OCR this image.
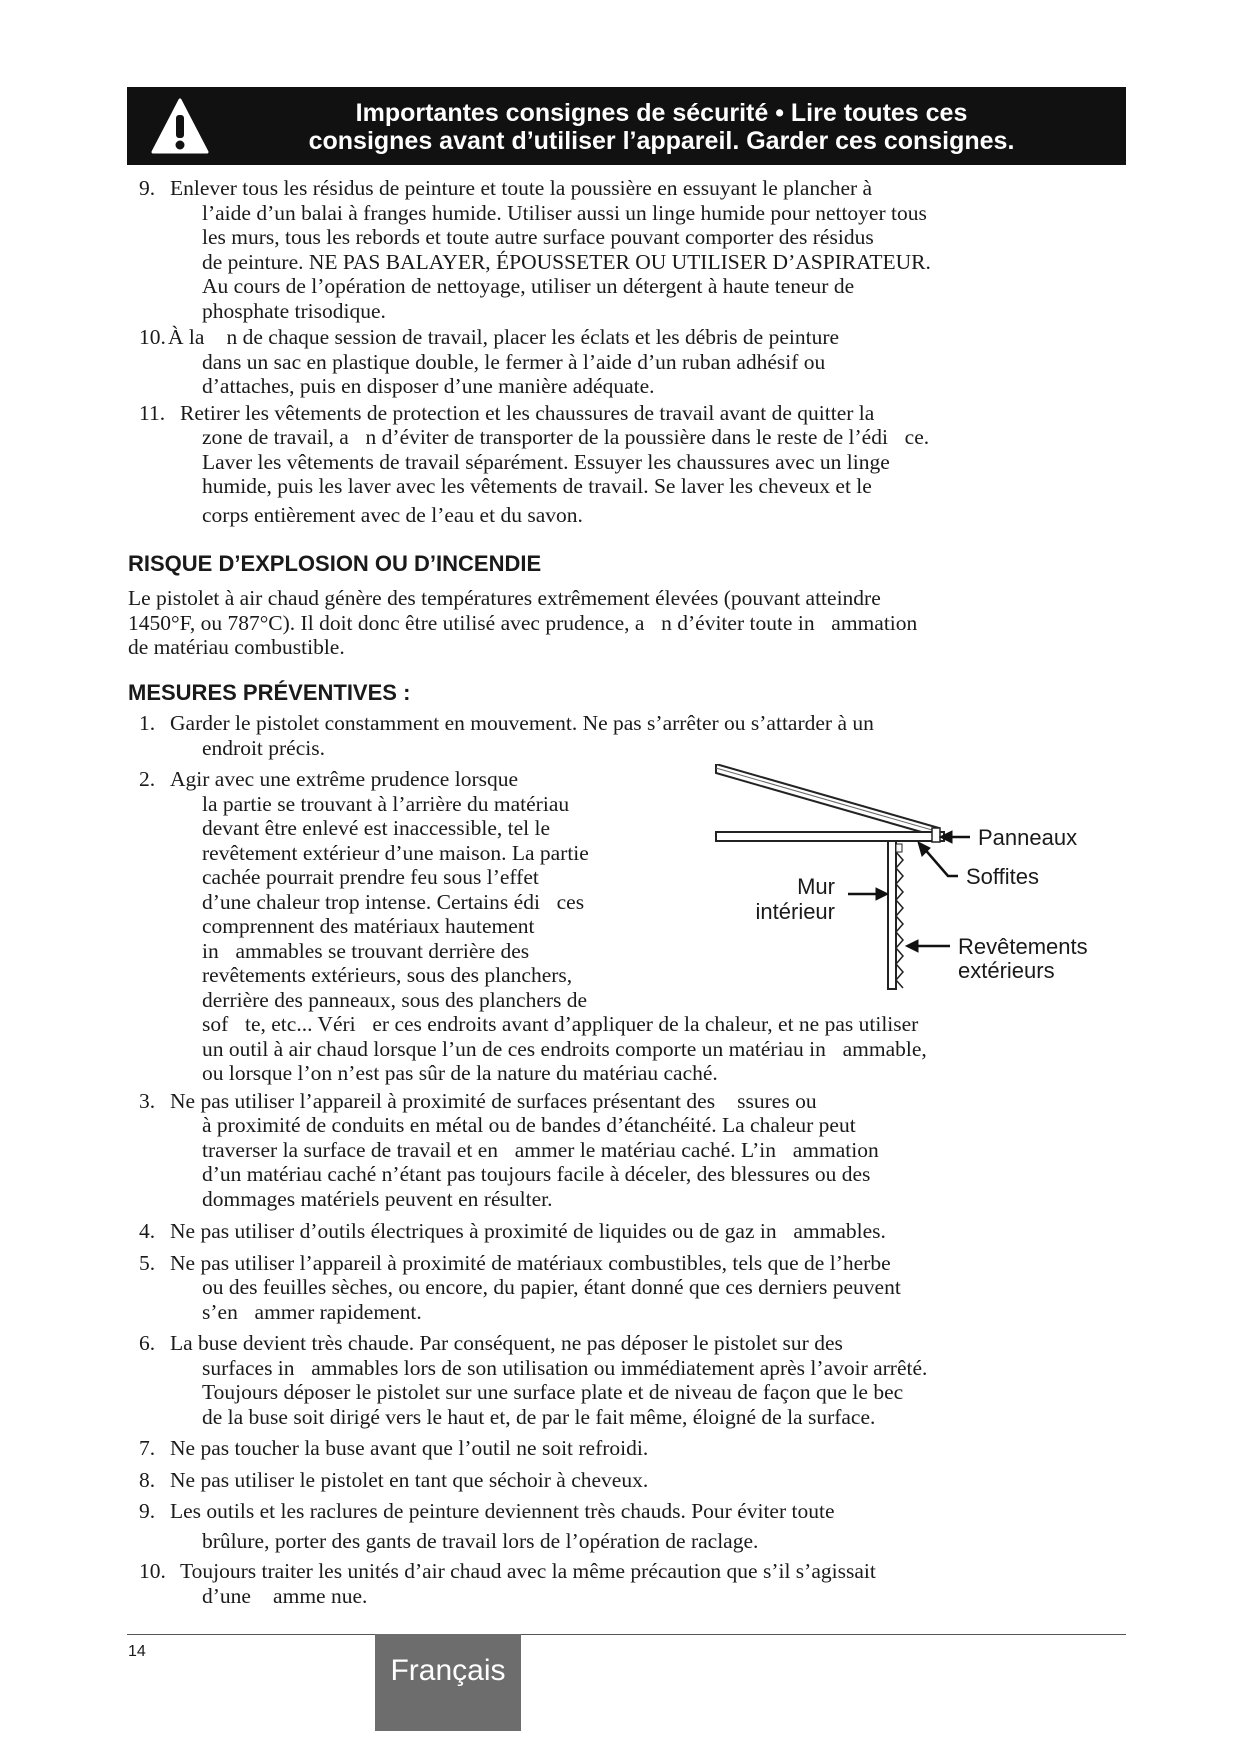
Importantes consignes de sécurité • Lire toutes ces
consignes avant d’utiliser l’appareil. Garder ces consignes.
9. Enlever tous les résidus de peinture et toute la poussière en essuyant le plancher à
l’aide d’un balai à franges humide. Utiliser aussi un linge humide pour nettoyer tous
les murs, tous les rebords et toute autre surface pouvant comporter des résidus
de peinture. NE PAS BALAYER, ÉPOUSSETER OU UTILISER D’ASPIRATEUR.
Au cours de l’opération de nettoyage, utiliser un détergent à haute teneur de
phosphate trisodique.
10. À la  n de chaque session de travail, placer les éclats et les débris de peinture
dans un sac en plastique double, le fermer à l’aide d’un ruban adhésif ou
d’attaches, puis en disposer d’une manière adéquate.
11. Retirer les vêtements de protection et les chaussures de travail avant de quitter la
zone de travail, a n d’éviter de transporter de la poussière dans le reste de l’édi ce.
Laver les vêtements de travail séparément. Essuyer les chaussures avec un linge
humide, puis les laver avec les vêtements de travail. Se laver les cheveux et le
corps entièrement avec de l’eau et du savon.
RISQUE D’EXPLOSION OU D’INCENDIE
Le pistolet à air chaud génère des températures extrêmement élevées (pouvant atteindre
1450°F, ou 787°C). Il doit donc être utilisé avec prudence, a n d’éviter toute in ammation
de matériau combustible.
MESURES PRÉVENTIVES :
1. Garder le pistolet constamment en mouvement. Ne pas s’arrêter ou s’attarder à un
endroit précis.
2. Agir avec une extrême prudence lorsque
la partie se trouvant à l’arrière du matériau
devant être enlevé est inaccessible, tel le
revêtement extérieur d’une maison. La partie
cachée pourrait prendre feu sous l’effet
d’une chaleur trop intense. Certains édi ces
comprennent des matériaux hautement
in ammables se trouvant derrière des
revêtements extérieurs, sous des planchers,
derrière des panneaux, sous des planchers de
sof te, etc... Véri er ces endroits avant d’appliquer de la chaleur, et ne pas utiliser
un outil à air chaud lorsque l’un de ces endroits comporte un matériau in ammable,
ou lorsque l’on n’est pas sûr de la nature du matériau caché.
3. Ne pas utiliser l’appareil à proximité de surfaces présentant des  ssures ou
à proximité de conduits en métal ou de bandes d’étanchéité. La chaleur peut
traverser la surface de travail et en ammer le matériau caché. L’in ammation
d’un matériau caché n’étant pas toujours facile à déceler, des blessures ou des
dommages matériels peuvent en résulter.
4. Ne pas utiliser d’outils électriques à proximité de liquides ou de gaz in ammables.
5. Ne pas utiliser l’appareil à proximité de matériaux combustibles, tels que de l’herbe
ou des feuilles sèches, ou encore, du papier, étant donné que ces derniers peuvent
s’en ammer rapidement.
6. La buse devient très chaude. Par conséquent, ne pas déposer le pistolet sur des
surfaces in ammables lors de son utilisation ou immédiatement après l’avoir arrêté.
Toujours déposer le pistolet sur une surface plate et de niveau de façon que le bec
de la buse soit dirigé vers le haut et, de par le fait même, éloigné de la surface.
7. Ne pas toucher la buse avant que l’outil ne soit refroidi.
8. Ne pas utiliser le pistolet en tant que séchoir à cheveux.
9. Les outils et les raclures de peinture deviennent très chauds. Pour éviter toute
brûlure, porter des gants de travail lors de l’opération de raclage.
10. Toujours traiter les unités d’air chaud avec la même précaution que s’il s’agissait
d’une  amme nue.
Panneaux
Soffites
Mur
intérieur
Revêtements
extérieurs
14
Français
